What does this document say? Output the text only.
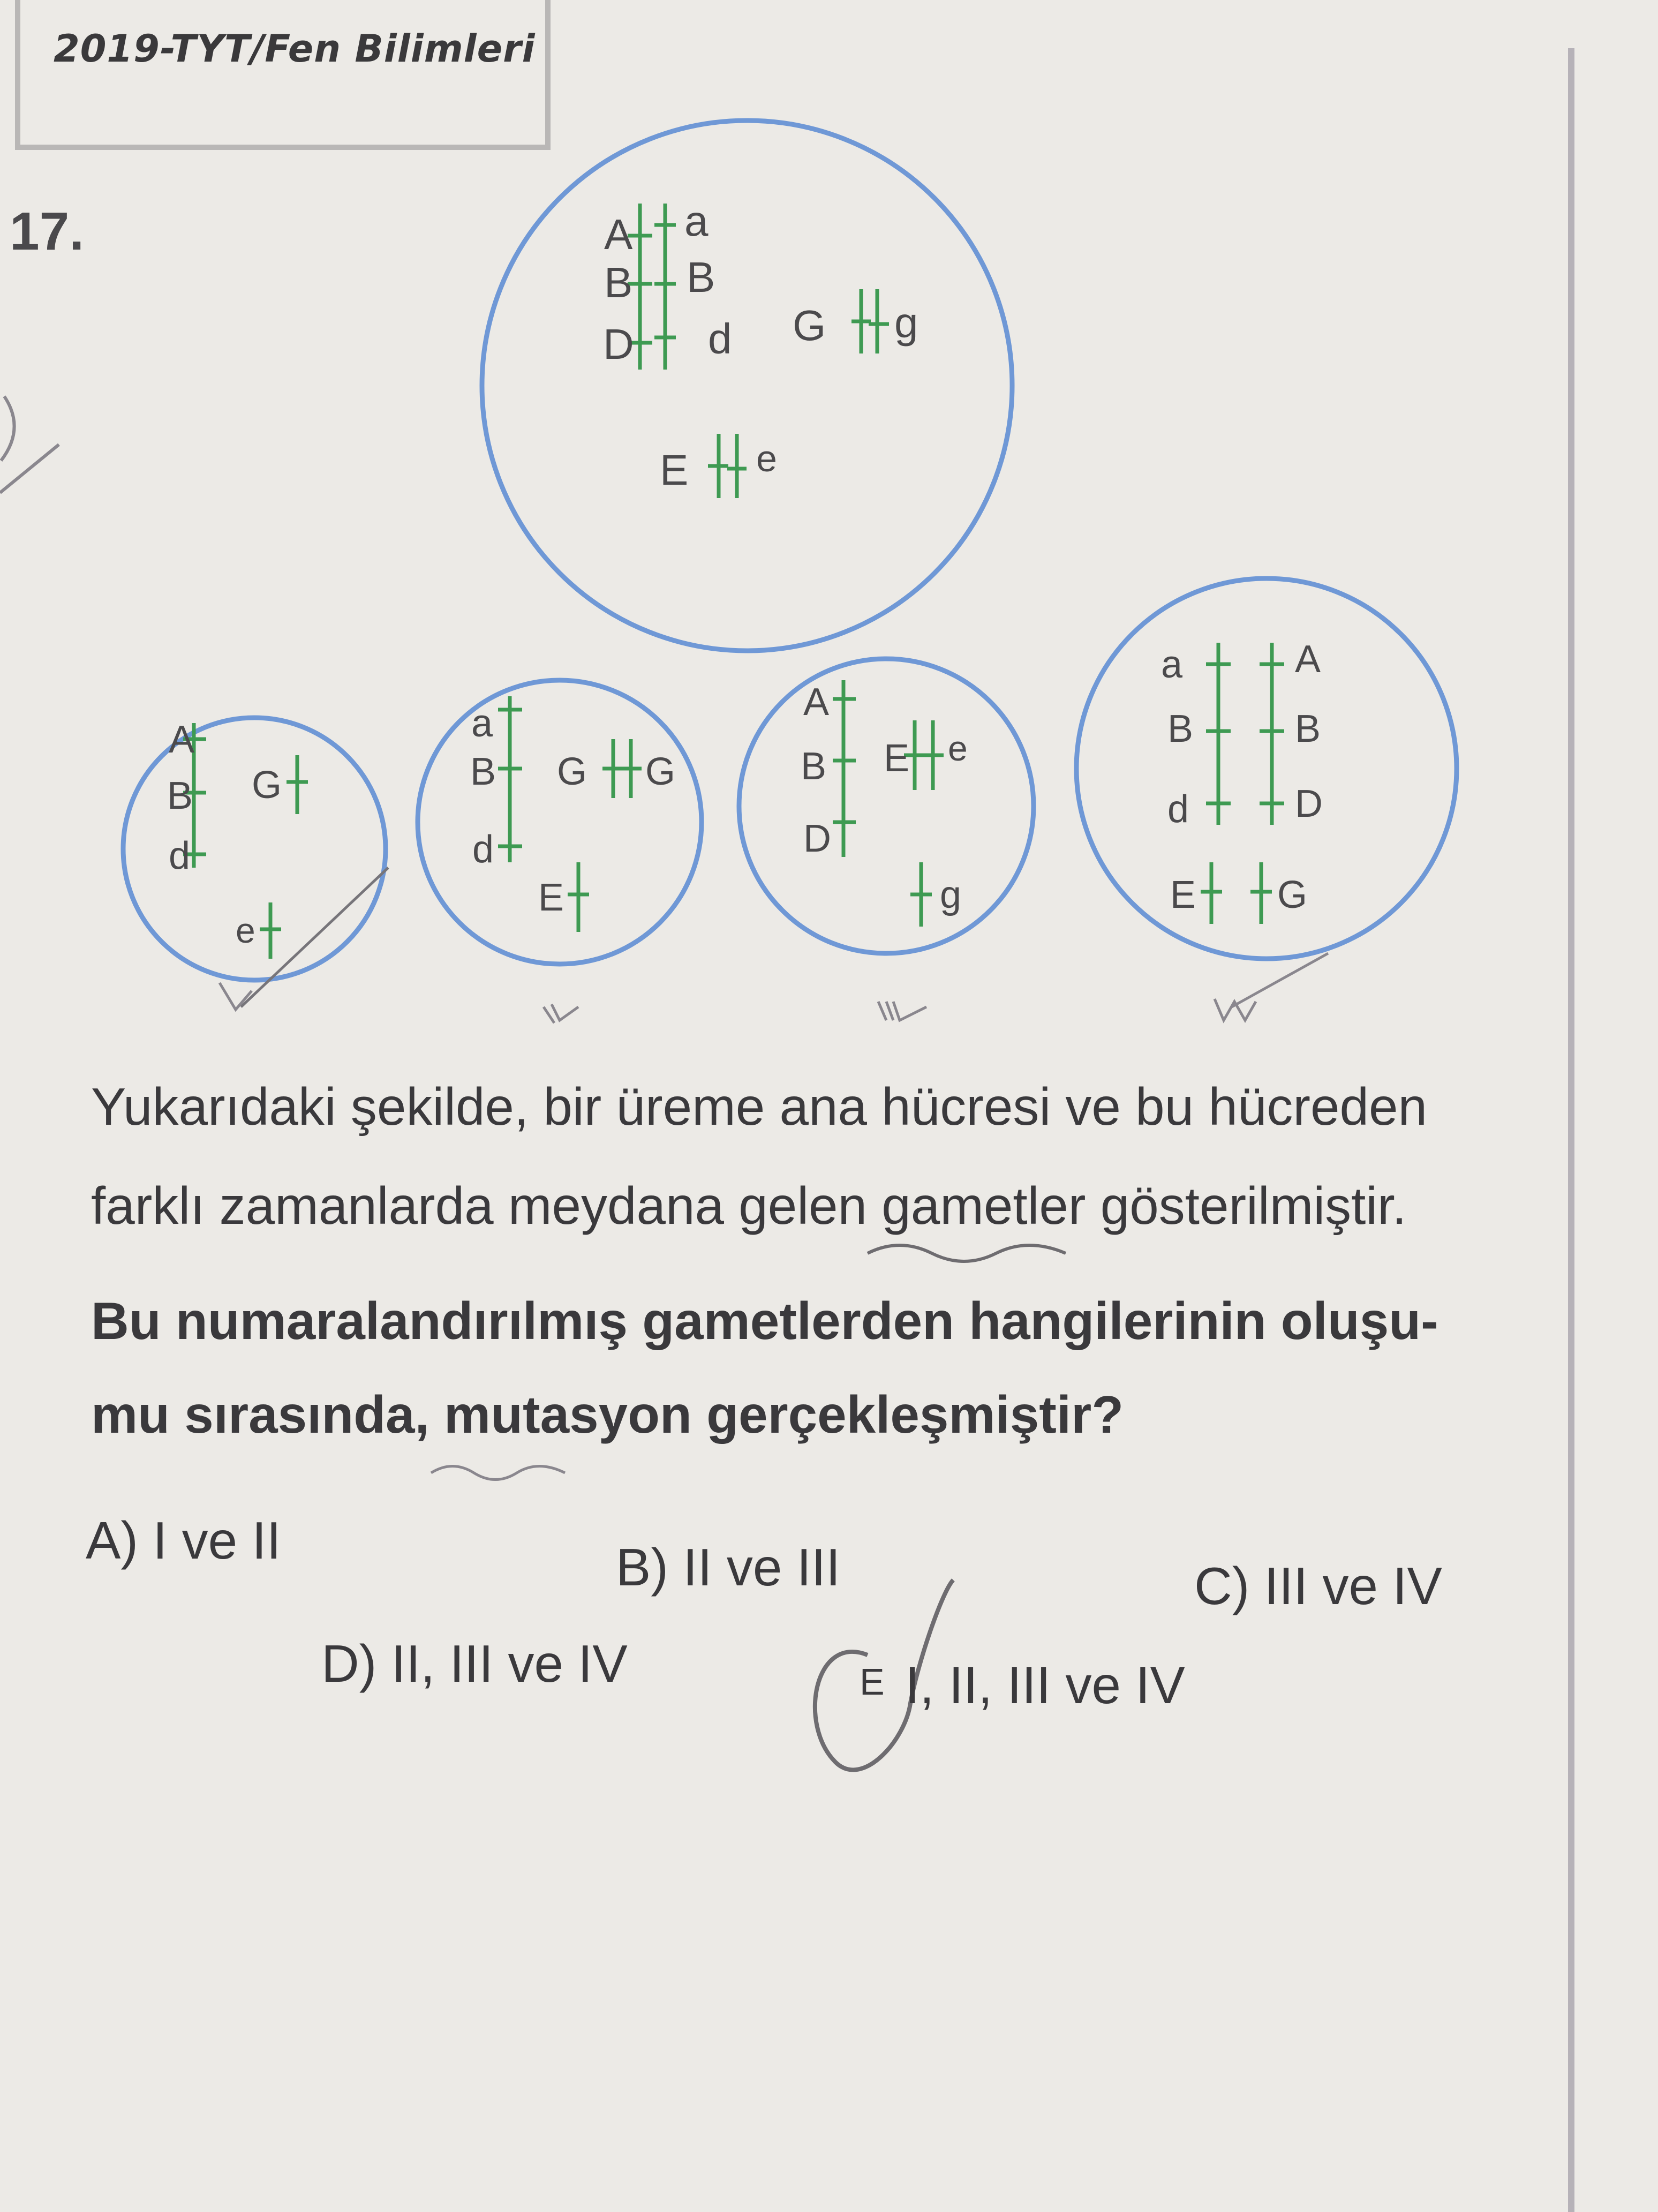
2019-TYT/Fen Bilimleri
17.	A
B
D
a
B
d G g
E e
A
B
d
G
e
a
B
d
G G
E
A
B
D
E e
g
a
B
d
A
B
D
E G
Yukarıdaki şekilde, bir üreme ana hücresi ve bu hücreden
farklı zamanlarda meydana gelen gametler gösterilmiştir.
Bu numaralandırılmış gametlerden hangilerinin oluşu-
mu sırasında, mutasyon gerçekleşmiştir?
A) I ve II	B) II ve III	C) III ve IV
D) II, III ve IV	E I, II, III ve IV
